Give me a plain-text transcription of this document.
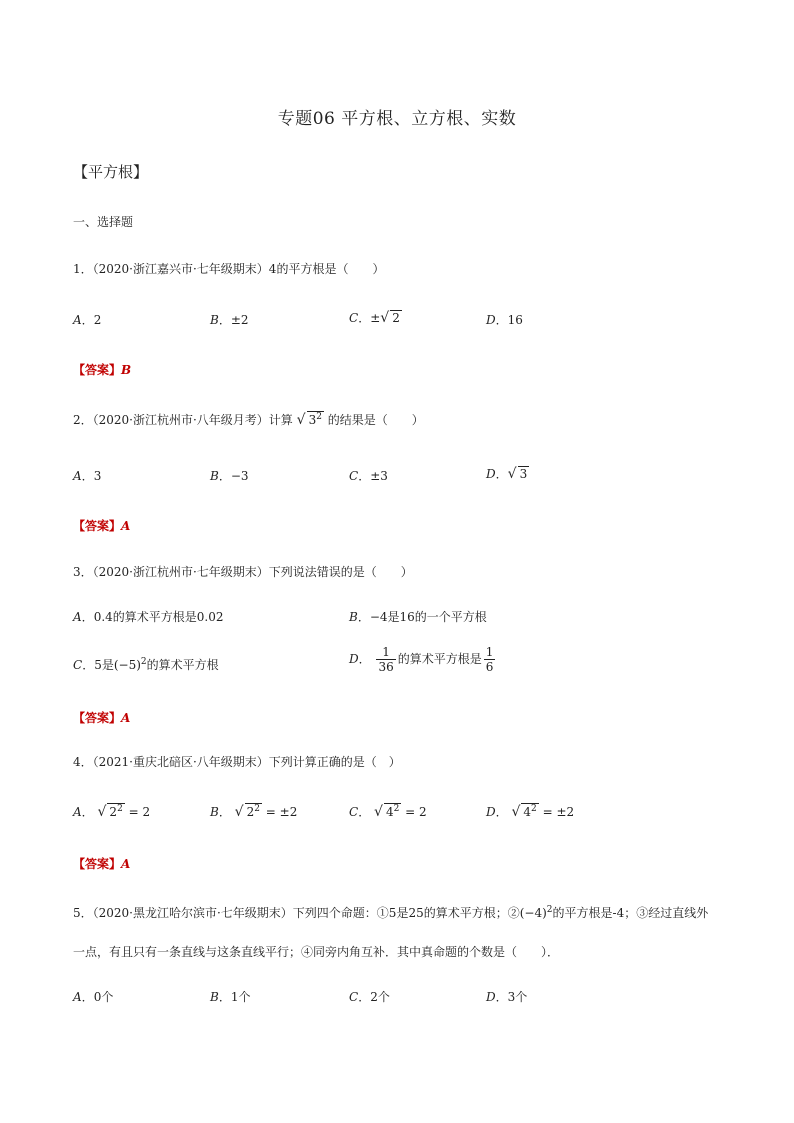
专题06 平方根、立方根、实数
【平方根】
一、选择题
1．（2020·浙江嘉兴市·七年级期末）4的平方根是（　　）
A．2	B．±2	C．±√ 2	D．16
【答案】B
2．（2020·浙江杭州市·八年级月考）计算 √ $3^2$ 的结果是（　　）
A．3	B．−3	C．±3	D．√ 3
【答案】A
3．（2020·浙江杭州市·七年级期末）下列说法错误的是（　　）
A．0.4的算术平方根是0.02	B．−4是16的一个平方根
C．5是$(-5)^2$的算术平方根	D． $\frac{1}{36}$ 的算术平方根是 $\frac{1}{6}$
【答案】A
4．（2021·重庆北碚区·八年级期末）下列计算正确的是（　）
A． √ $2^2 = 2$	B． √ $2^2 = \pm 2$	C． √ $4^2 = 2$	D． √ $4^2 = \pm 2$
【答案】A
5．（2020·黑龙江哈尔滨市·七年级期末）下列四个命题：①5是25的算术平方根；$②(-4)^2$的平方根是-4；③经过直线外
一点，有且只有一条直线与这条直线平行；④同旁内角互补．其中真命题的个数是（　　）．
A．0个	B．1个	C．2个	D．3个
